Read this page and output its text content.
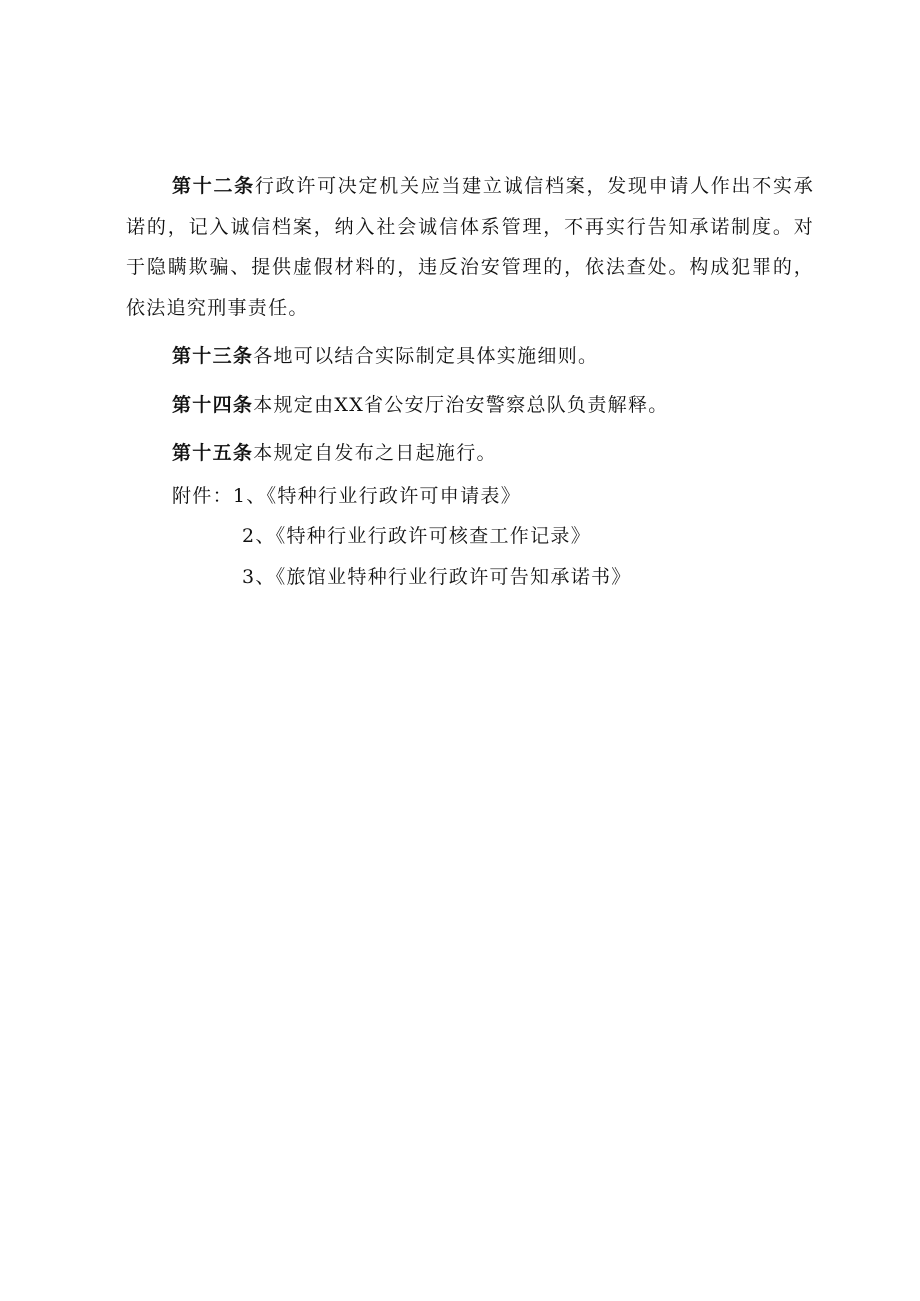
第十二条行政许可决定机关应当建立诚信档案，发现申请人作出不实承诺的，记入诚信档案，纳入社会诚信体系管理，不再实行告知承诺制度。对于隐瞒欺骗、提供虚假材料的，违反治安管理的，依法查处。构成犯罪的，依法追究刑事责任。

第十三条各地可以结合实际制定具体实施细则。

第十四条本规定由XX省公安厅治安警察总队负责解释。

第十五条本规定自发布之日起施行。

附件：1、《特种行业行政许可申请表》
2、《特种行业行政许可核查工作记录》
3、《旅馆业特种行业行政许可告知承诺书》
